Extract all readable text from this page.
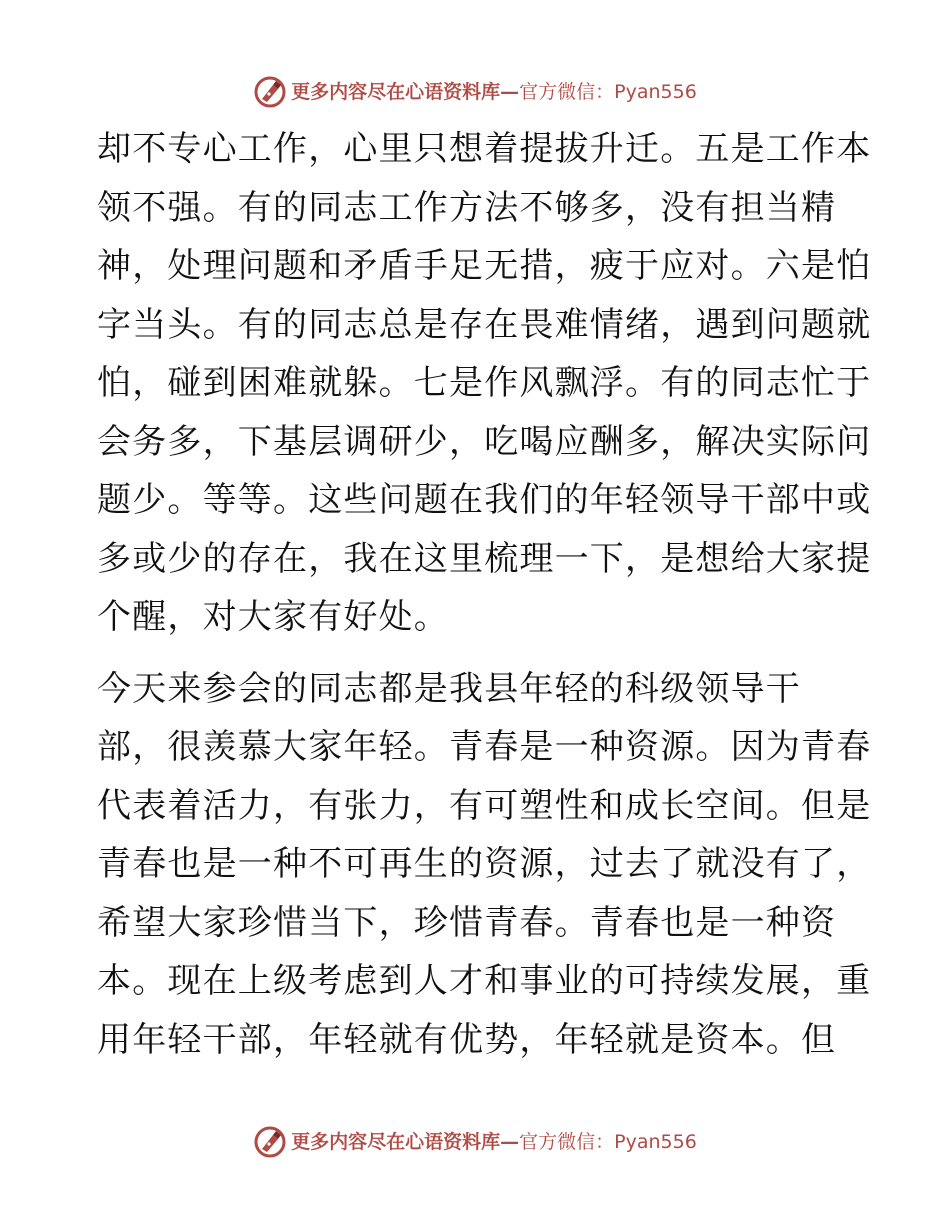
更多内容尽在心语资料库—官方微信：Pyan556

却不专心工作，心里只想着提拔升迁。五是工作本
领不强。有的同志工作方法不够多，没有担当精
神，处理问题和矛盾手足无措，疲于应对。六是怕
字当头。有的同志总是存在畏难情绪，遇到问题就
怕，碰到困难就躲。七是作风飘浮。有的同志忙于
会务多，下基层调研少，吃喝应酬多，解决实际问
题少。等等。这些问题在我们的年轻领导干部中或
多或少的存在，我在这里梳理一下，是想给大家提
个醒，对大家有好处。

今天来参会的同志都是我县年轻的科级领导干
部，很羡慕大家年轻。青春是一种资源。因为青春
代表着活力，有张力，有可塑性和成长空间。但是
青春也是一种不可再生的资源，过去了就没有了，
希望大家珍惜当下，珍惜青春。青春也是一种资
本。现在上级考虑到人才和事业的可持续发展，重
用年轻干部，年轻就有优势，年轻就是资本。但

更多内容尽在心语资料库—官方微信：Pyan556
